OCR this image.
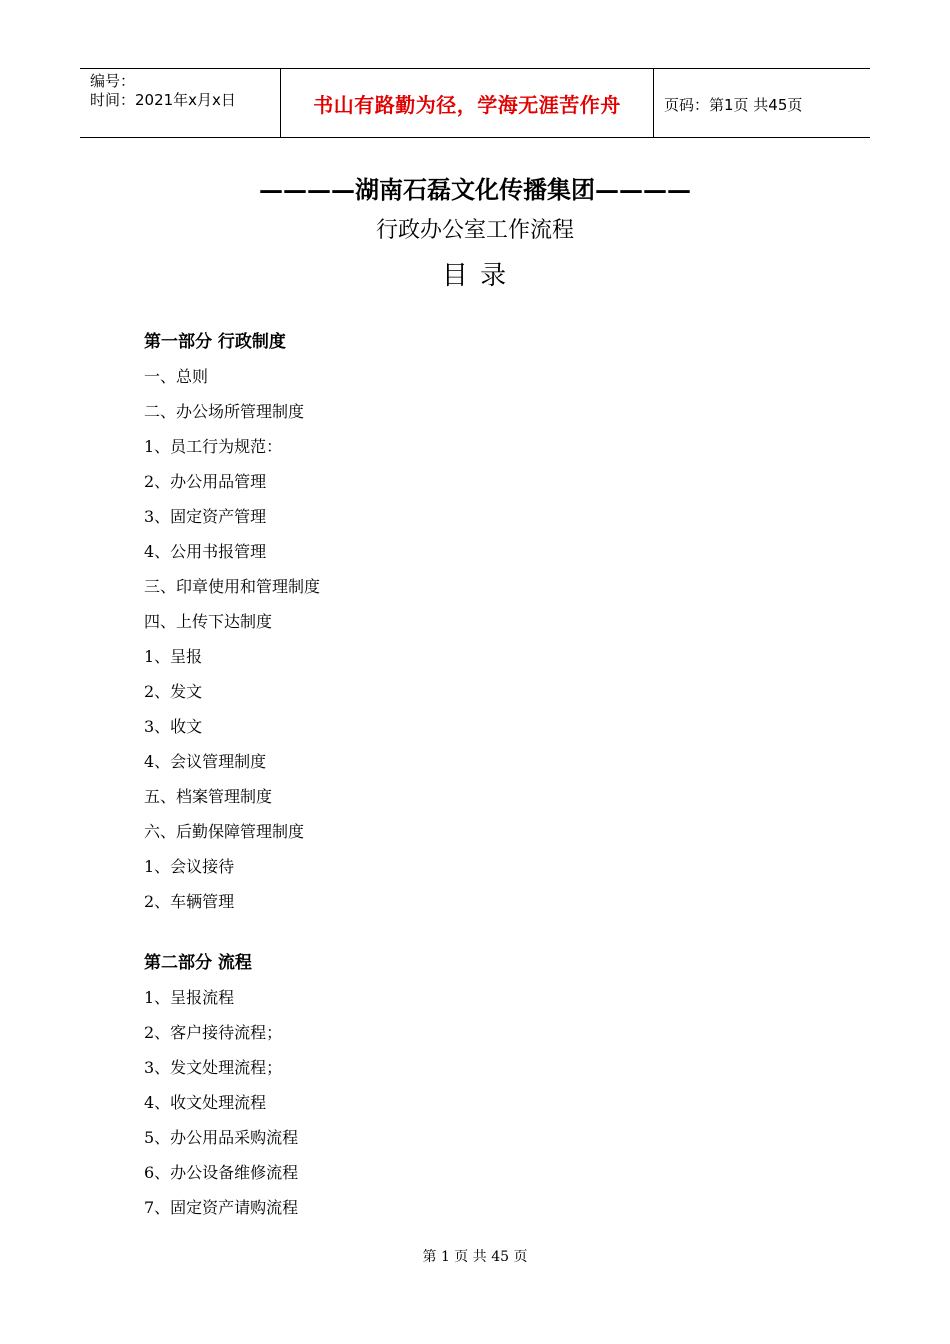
编号：
时间：2021年x月x日	书山有路勤为径，学海无涯苦作舟	页码：第1页 共45页
————湖南石磊文化传播集团————
行政办公室工作流程
目 录
第一部分 行政制度
一、总则
二、办公场所管理制度
1、员工行为规范：
2、办公用品管理
3、固定资产管理
4、公用书报管理
三、印章使用和管理制度
四、上传下达制度
1、呈报
2、发文
3、收文
4、会议管理制度
五、档案管理制度
六、后勤保障管理制度
1、会议接待
2、车辆管理
第二部分 流程
1、呈报流程
2、客户接待流程；
3、发文处理流程；
4、收文处理流程
5、办公用品采购流程
6、办公设备维修流程
7、固定资产请购流程
第 1 页 共 45 页
